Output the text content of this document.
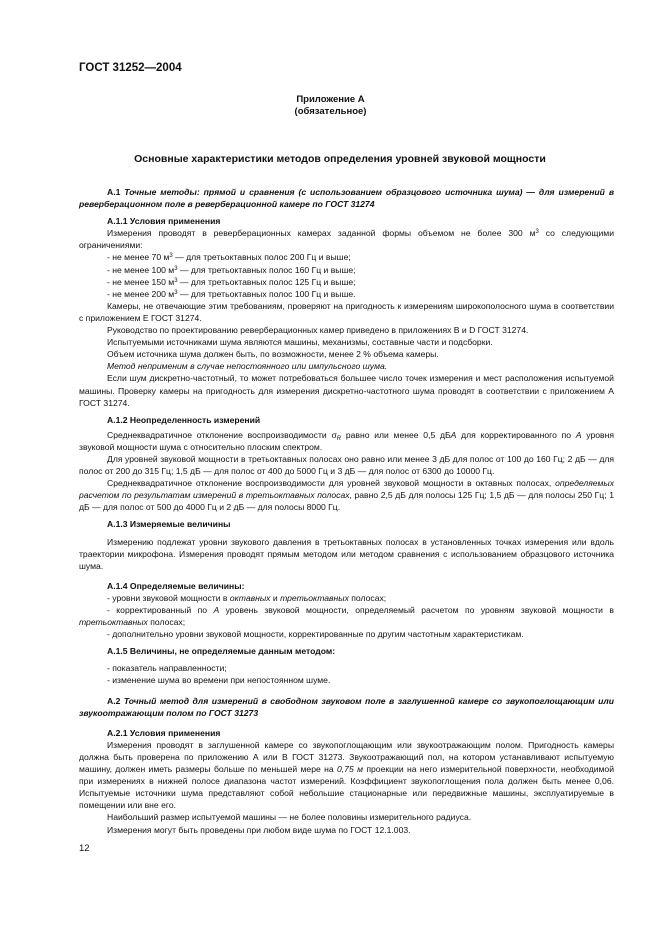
ГОСТ 31252—2004
Приложение А
(обязательное)
Основные характеристики методов определения уровней звуковой мощности

А.1 Точные методы: прямой и сравнения (с использованием образцового источника шума) — для измерений в реверберационном поле в реверберационной камере по ГОСТ 31274

А.1.1 Условия применения

Измерения проводят в реверберационных камерах заданной формы объемом не более 300 $м^3$ со следующими ограничениями:

- не менее 70 $м^3$ — для третьоктавных полос 200 Гц и выше;

- не менее 100 $м^3$ — для третьоктавных полос 160 Гц и выше;

- не менее 150 $м^3$ — для третьоктавных полос 125 Гц и выше;

- не менее 200 $м^3$ — для третьоктавных полос 100 Гц и выше.

Камеры, не отвечающие этим требованиям, проверяют на пригодность к измерениям широкополосного шума в соответствии с приложением Е ГОСТ 31274.

Руководство по проектированию реверберационных камер приведено в приложениях В и D ГОСТ 31274.

Испытуемыми источниками шума являются машины, механизмы, составные части и подсборки.

Объем источника шума должен быть, по возможности, менее 2 % объема камеры.

Метод неприменим в случае непостоянного или импульсного шума.

Если шум дискретно-частотный, то может потребоваться большее число точек измерения и мест расположения испытуемой машины. Проверку камеры на пригодность для измерения дискретно-частотного шума проводят в соответствии с приложением А ГОСТ 31274.

А.1.2 Неопределенность измерений

Среднеквадратичное отклонение воспроизводимости $\sigma_R$ равно или менее 0,5 дБA для корректированного по A уровня звуковой мощности шума с относительно плоским спектром.

Для уровней звуковой мощности в третьоктавных полосах оно равно или менее 3 дБ для полос от 100 до 160 Гц; 2 дБ — для полос от 200 до 315 Гц; 1,5 дБ — для полос от 400 до 5000 Гц и 3 дБ — для полос от 6300 до 10000 Гц.

Среднеквадратичное отклонение воспроизводимости для уровней звуковой мощности в октавных полосах, определяемых расчетом по результатам измерений в третьоктавных полосах, равно 2,5 дБ для полосы 125 Гц; 1,5 дБ — для полосы 250 Гц; 1 дБ — для полос от 500 до 4000 Гц и 2 дБ — для полосы 8000 Гц.

А.1.3 Измеряемые величины

Измерению подлежат уровни звукового давления в третьоктавных полосах в установленных точках измерения или вдоль траектории микрофона. Измерения проводят прямым методом или методом сравнения с использованием образцового источника шума.

А.1.4 Определяемые величины:

- уровни звуковой мощности в октавных и третьоктавных полосах;

- корректированный по A уровень звуковой мощности, определяемый расчетом по уровням звуковой мощности в третьоктавных полосах;

- дополнительно уровни звуковой мощности, корректированные по другим частотным характеристикам.

А.1.5 Величины, не определяемые данным методом:

- показатель направленности;

- изменение шума во времени при непостоянном шуме.

А.2 Точный метод для измерений в свободном звуковом поле в заглушенной камере со звукопоглощающим или звукоотражающим полом по ГОСТ 31273

А.2.1 Условия применения

Измерения проводят в заглушенной камере со звукопоглощающим или звукоотражающим полом. Пригодность камеры должна быть проверена по приложению А или В ГОСТ 31273. Звукоотражающий пол, на котором устанавливают испытуемую машину, должен иметь размеры больше по меньшей мере на 0,75 м проекции на него измерительной поверхности, необходимой при измерениях в нижней полосе диапазона частот измерений. Коэффициент звукопоглощения пола должен быть менее 0,06. Испытуемые источники шума представляют собой небольшие стационарные или передвижные машины, эксплуатируемые в помещении или вне его.

Наибольший размер испытуемой машины — не более половины измерительного радиуса.

Измерения могут быть проведены при любом виде шума по ГОСТ 12.1.003.

12
